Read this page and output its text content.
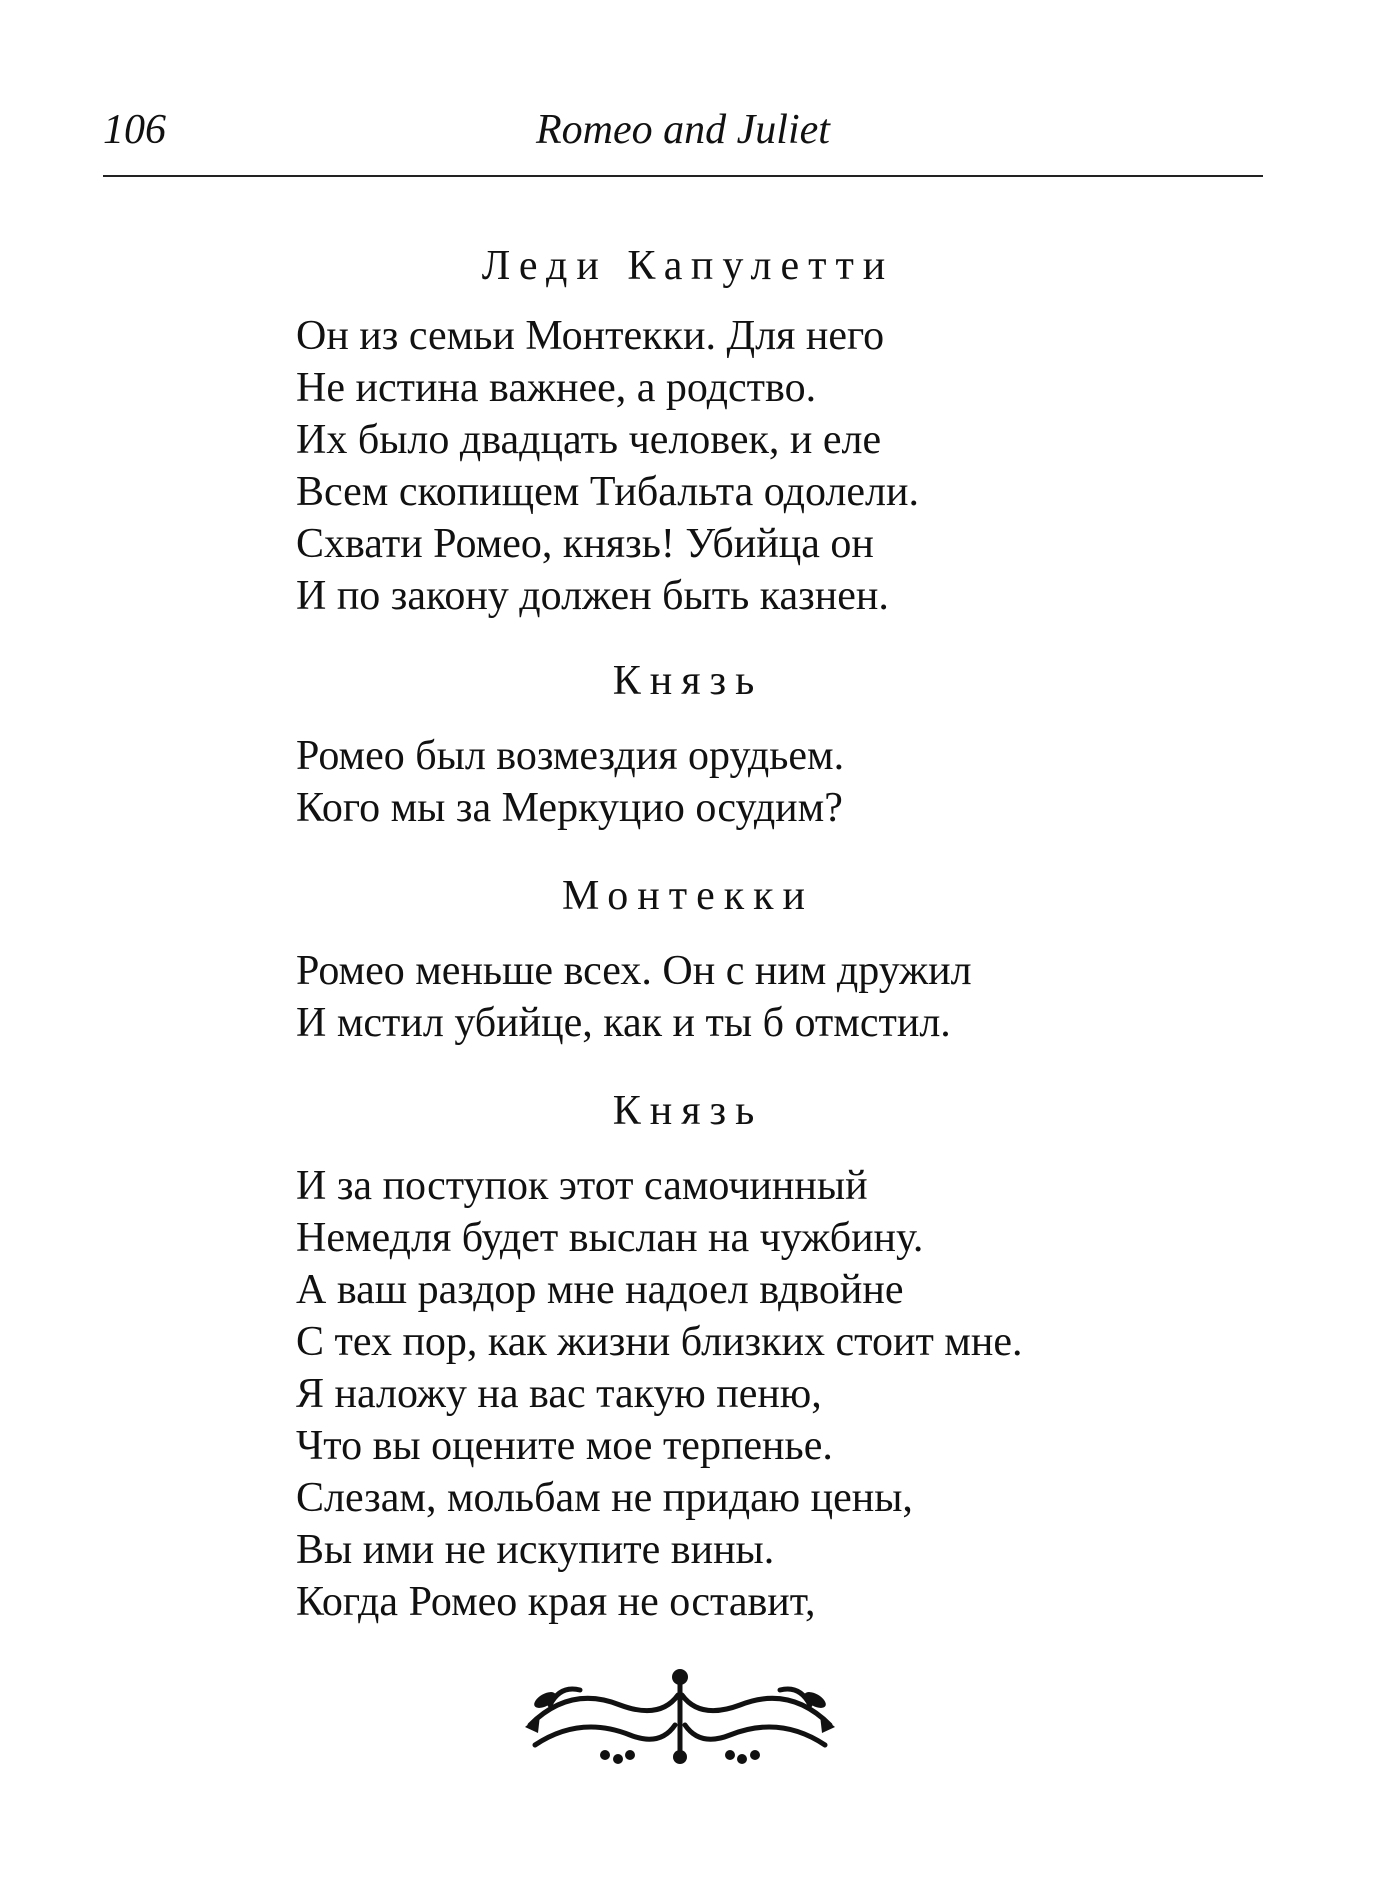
106	Romeo and Juliet

Леди Капулетти

Он из семьи Монтекки. Для него
Не истина важнее, а родство.
Их было двадцать человек, и еле
Всем скопищем Тибальта одолели.
Схвати Ромео, князь! Убийца он
И по закону должен быть казнен.

Князь

Ромео был возмездия орудьем.
Кого мы за Меркуцио осудим?

Монтекки

Ромео меньше всех. Он с ним дружил
И мстил убийце, как и ты б отмстил.

Князь

И за поступок этот самочинный
Немедля будет выслан на чужбину.
А ваш раздор мне надоел вдвойне
С тех пор, как жизни близких стоит мне.
Я наложу на вас такую пеню,
Что вы оцените мое терпенье.
Слезам, мольбам не придаю цены,
Вы ими не искупите вины.
Когда Ромео края не оставит,
